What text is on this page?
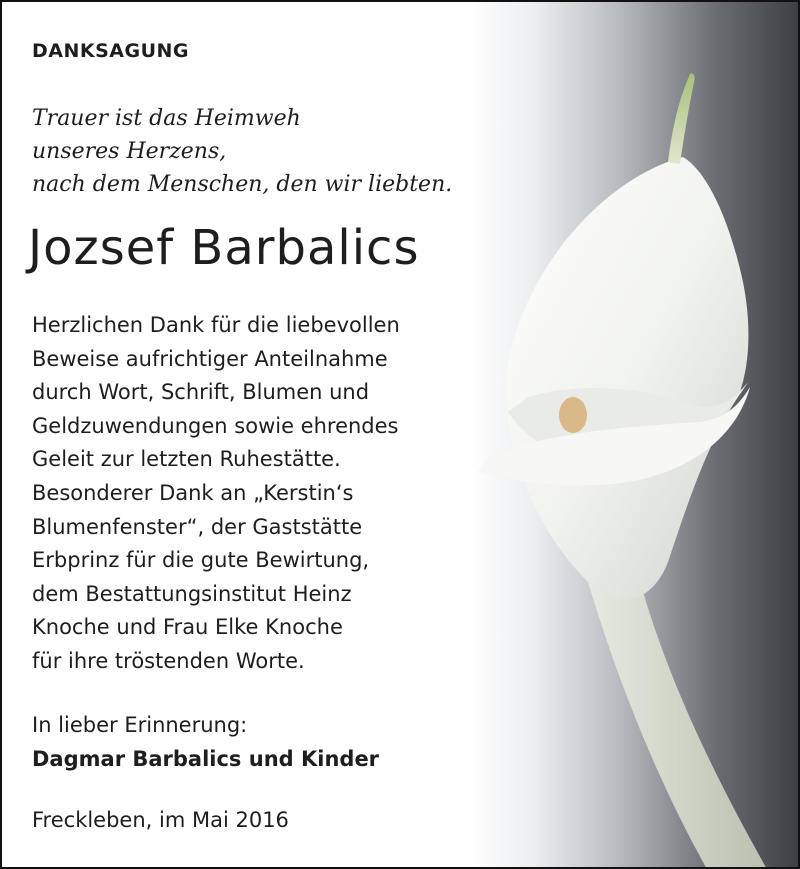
DANKSAGUNG
Trauer ist das Heimweh
unseres Herzens,
nach dem Menschen, den wir liebten.
Jozsef Barbalics
Herzlichen Dank für die liebevollen
Beweise aufrichtiger Anteilnahme
durch Wort, Schrift, Blumen und
Geldzuwendungen sowie ehrendes
Geleit zur letzten Ruhestätte.
Besonderer Dank an „Kerstin‘s
Blumenfenster“, der Gaststätte
Erbprinz für die gute Bewirtung,
dem Bestattungsinstitut Heinz
Knoche und Frau Elke Knoche
für ihre tröstenden Worte.
In lieber Erinnerung:
Dagmar Barbalics und Kinder
Freckleben, im Mai 2016
